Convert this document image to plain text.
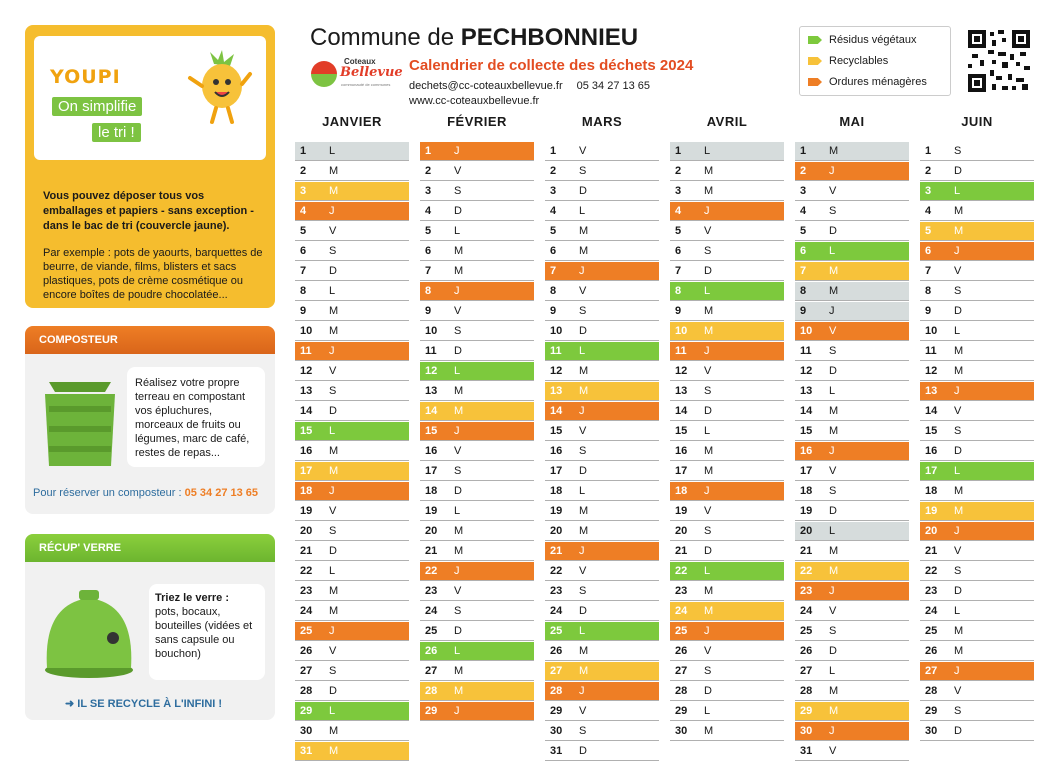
YOUPI
On simplifie
le tri !
Vous pouvez déposer tous vos emballages et papiers - sans exception - dans le bac de tri (couvercle jaune).
Par exemple : pots de yaourts, barquettes de beurre, de viande, films, blisters et sacs plastiques, pots de crème cosmétique ou encore boîtes de poudre chocolatée...
COMPOSTEUR
Réalisez votre propre terreau en compostant vos épluchures, morceaux de fruits ou légumes, marc de café, restes de repas...
Pour réserver un composteur : 05 34 27 13 65
RÉCUP' VERRE
Triez le verre :
pots, bocaux, bouteilles (vidées et sans capsule ou bouchon)
➜ IL SE RECYCLE À L'INFINI !
Commune de PECHBONNIEU
Coteaux
Bellevue
communauté de communes
Calendrier de collecte des déchets 2024
dechets@cc-coteauxbellevue.fr 05 34 27 13 65
www.cc-coteauxbellevue.fr
Résidus végétaux
Recyclables
Ordures ménagères
JANVIER
1 L
2 M
3 M
4 J
5 V
6 S
7 D
8 L
9 M
10 M
11 J
12 V
13 S
14 D
15 L
16 M
17 M
18 J
19 V
20 S
21 D
22 L
23 M
24 M
25 J
26 V
27 S
28 D
29 L
30 M
31 M
FÉVRIER
1 J
2 V
3 S
4 D
5 L
6 M
7 M
8 J
9 V
10 S
11 D
12 L
13 M
14 M
15 J
16 V
17 S
18 D
19 L
20 M
21 M
22 J
23 V
24 S
25 D
26 L
27 M
28 M
29 J
MARS
1 V
2 S
3 D
4 L
5 M
6 M
7 J
8 V
9 S
10 D
11 L
12 M
13 M
14 J
15 V
16 S
17 D
18 L
19 M
20 M
21 J
22 V
23 S
24 D
25 L
26 M
27 M
28 J
29 V
30 S
31 D
AVRIL
1 L
2 M
3 M
4 J
5 V
6 S
7 D
8 L
9 M
10 M
11 J
12 V
13 S
14 D
15 L
16 M
17 M
18 J
19 V
20 S
21 D
22 L
23 M
24 M
25 J
26 V
27 S
28 D
29 L
30 M
MAI
1 M
2 J
3 V
4 S
5 D
6 L
7 M
8 M
9 J
10 V
11 S
12 D
13 L
14 M
15 M
16 J
17 V
18 S
19 D
20 L
21 M
22 M
23 J
24 V
25 S
26 D
27 L
28 M
29 M
30 J
31 V
JUIN
1 S
2 D
3 L
4 M
5 M
6 J
7 V
8 S
9 D
10 L
11 M
12 M
13 J
14 V
15 S
16 D
17 L
18 M
19 M
20 J
21 V
22 S
23 D
24 L
25 M
26 M
27 J
28 V
29 S
30 D
